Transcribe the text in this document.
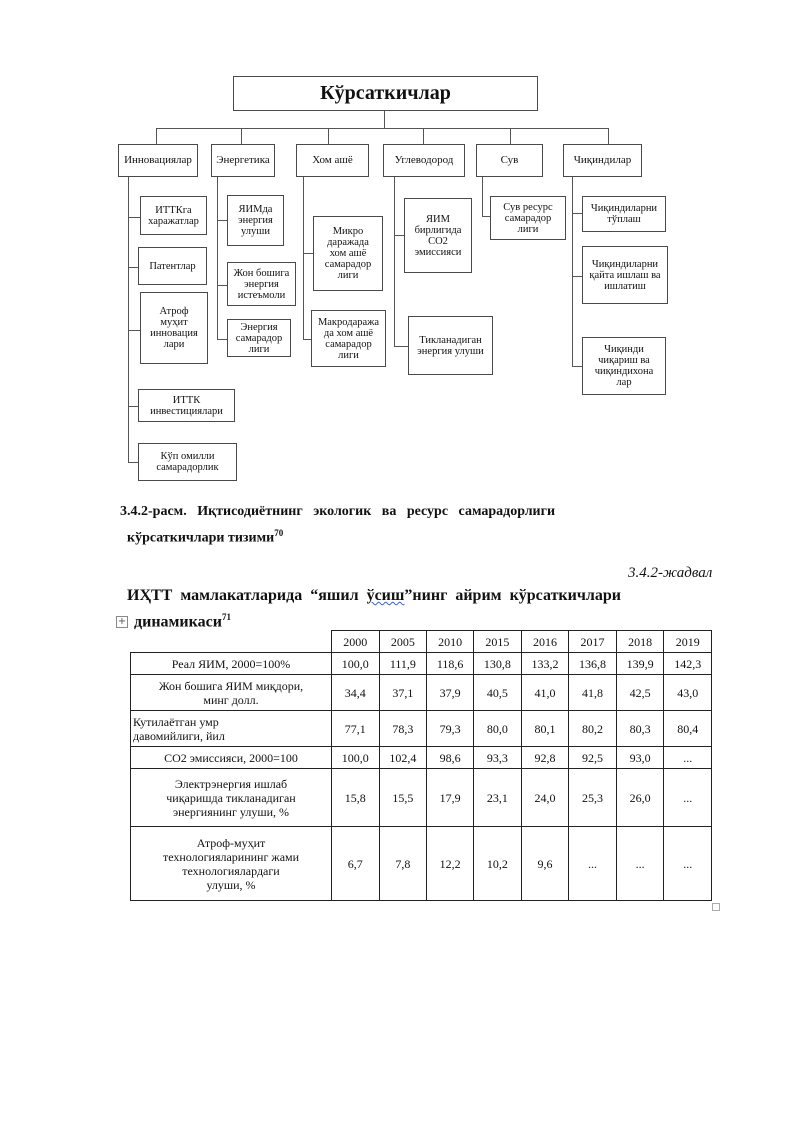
Кўрсаткичлар
Инновациялар	Энергетика	Хом ашё	Углеводород	Сув	Чиқиндилар
ИТТКга
харажатлар
Патентлар
Атроф
муҳит
инновация
лари
ИТТК
инвестициялари
Кўп омилли
самарадорлик
ЯИМда
энергия
улуши
Жон бошига
энергия
истеъмоли
Энергия
самарадор
лиги
Микро
даражада
хом ашё
самарадор
лиги
Макродаража
да хом ашё
самарадор
лиги
ЯИМ
бирлигида
CO2
эмиссияси
Тикланадиган
энергия улуши
Сув ресурс
самарадор
лиги
Чиқиндиларни
тўплаш
Чиқиндиларни
қайта ишлаш ва
ишлатиш
Чиқинди
чиқариш ва
чиқиндихона
лар
3.4.2-расм.   Иқтисодиётнинг   экологик   ва   ресурс   самарадорлиги
кўрсаткичлари тизими$^{70}$
3.4.2-жадвал
ИҲТТ  мамлакатларида  “яшил  ўсиш”нинг  айрим  кўрсаткичлари
динамикаси$^{71}$
+
	2000	2005	2010	2015	2016	2017	2018	2019
Реал ЯИМ, 2000=100%	100,0	111,9	118,6	130,8	133,2	136,8	139,9	142,3
Жон бошига ЯИМ миқдори,
минг долл.	34,4	37,1	37,9	40,5	41,0	41,8	42,5	43,0
Кутилаётган умр
давомийлиги, йил	77,1	78,3	79,3	80,0	80,1	80,2	80,3	80,4
СО2 эмиссияси, 2000=100	100,0	102,4	98,6	93,3	92,8	92,5	93,0	...
Электрэнергия ишлаб
чиқаришда тикланадиган
энергиянинг улуши, %	15,8	15,5	17,9	23,1	24,0	25,3	26,0	...
Атроф-муҳит
технологияларининг жами
технологиялардаги
улуши, %	6,7	7,8	12,2	10,2	9,6	...	...	...
